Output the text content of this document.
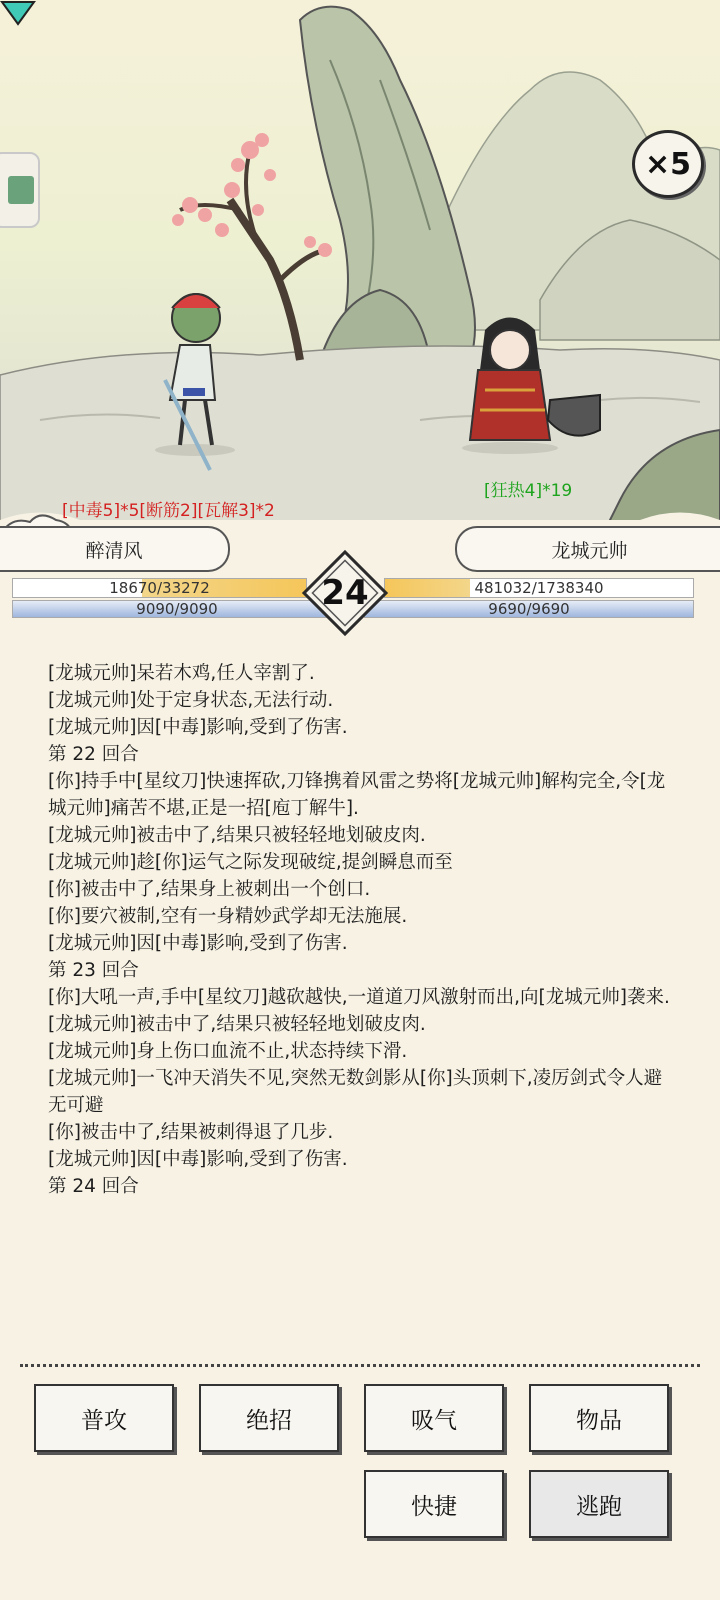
×5
[中毒5]*5[断筋2][瓦解3]*2
[狂热4]*19
醉清风	龙城元帅
18670/33272	481032/1738340
9090/9090	9690/9690
24
[龙城元帅]呆若木鸡,任人宰割了.
[龙城元帅]处于定身状态,无法行动.
[龙城元帅]因[中毒]影响,受到了伤害.
第 22 回合
[你]持手中[星纹刀]快速挥砍,刀锋携着风雷之势将[龙城元帅]解构完全,令[龙城元帅]痛苦不堪,正是一招[庖丁解牛].
[龙城元帅]被击中了,结果只被轻轻地划破皮肉.
[龙城元帅]趁[你]运气之际发现破绽,提剑瞬息而至
[你]被击中了,结果身上被刺出一个创口.
[你]要穴被制,空有一身精妙武学却无法施展.
[龙城元帅]因[中毒]影响,受到了伤害.
第 23 回合
[你]大吼一声,手中[星纹刀]越砍越快,一道道刀风激射而出,向[龙城元帅]袭来.
[龙城元帅]被击中了,结果只被轻轻地划破皮肉.
[龙城元帅]身上伤口血流不止,状态持续下滑.
[龙城元帅]一飞冲天消失不见,突然无数剑影从[你]头顶刺下,凌厉剑式令人避无可避
[你]被击中了,结果被刺得退了几步.
[龙城元帅]因[中毒]影响,受到了伤害.
第 24 回合
普攻	绝招	吸气	物品
快捷	逃跑
